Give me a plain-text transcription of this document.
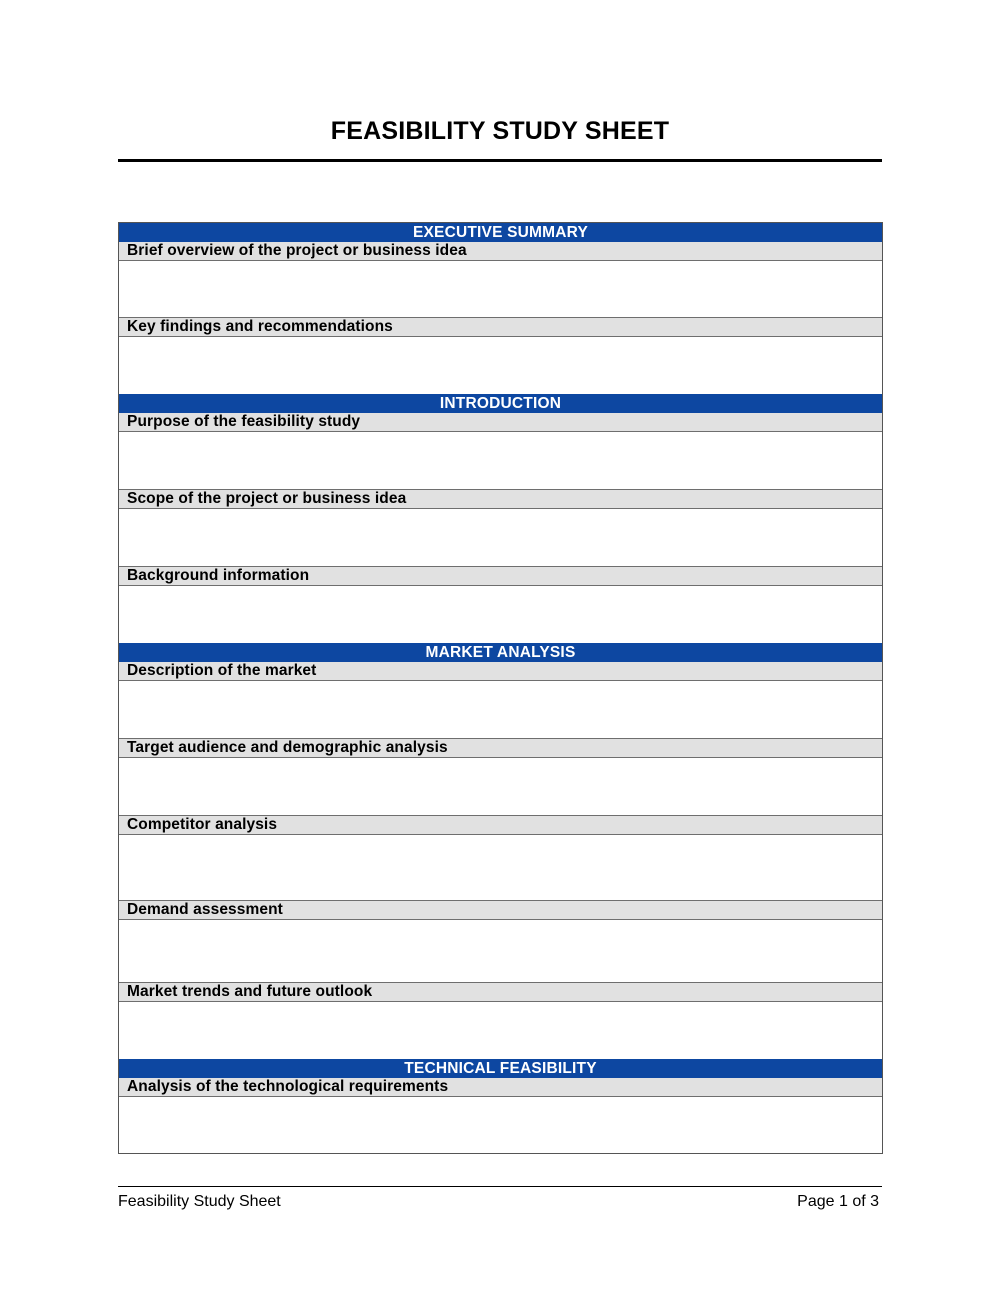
FEASIBILITY STUDY SHEET
EXECUTIVE SUMMARY
Brief overview of the project or business idea
Key findings and recommendations
INTRODUCTION
Purpose of the feasibility study
Scope of the project or business idea
Background information
MARKET ANALYSIS
Description of the market
Target audience and demographic analysis
Competitor analysis
Demand assessment
Market trends and future outlook
TECHNICAL FEASIBILITY
Analysis of the technological requirements
Feasibility Study Sheet	Page 1 of 3
